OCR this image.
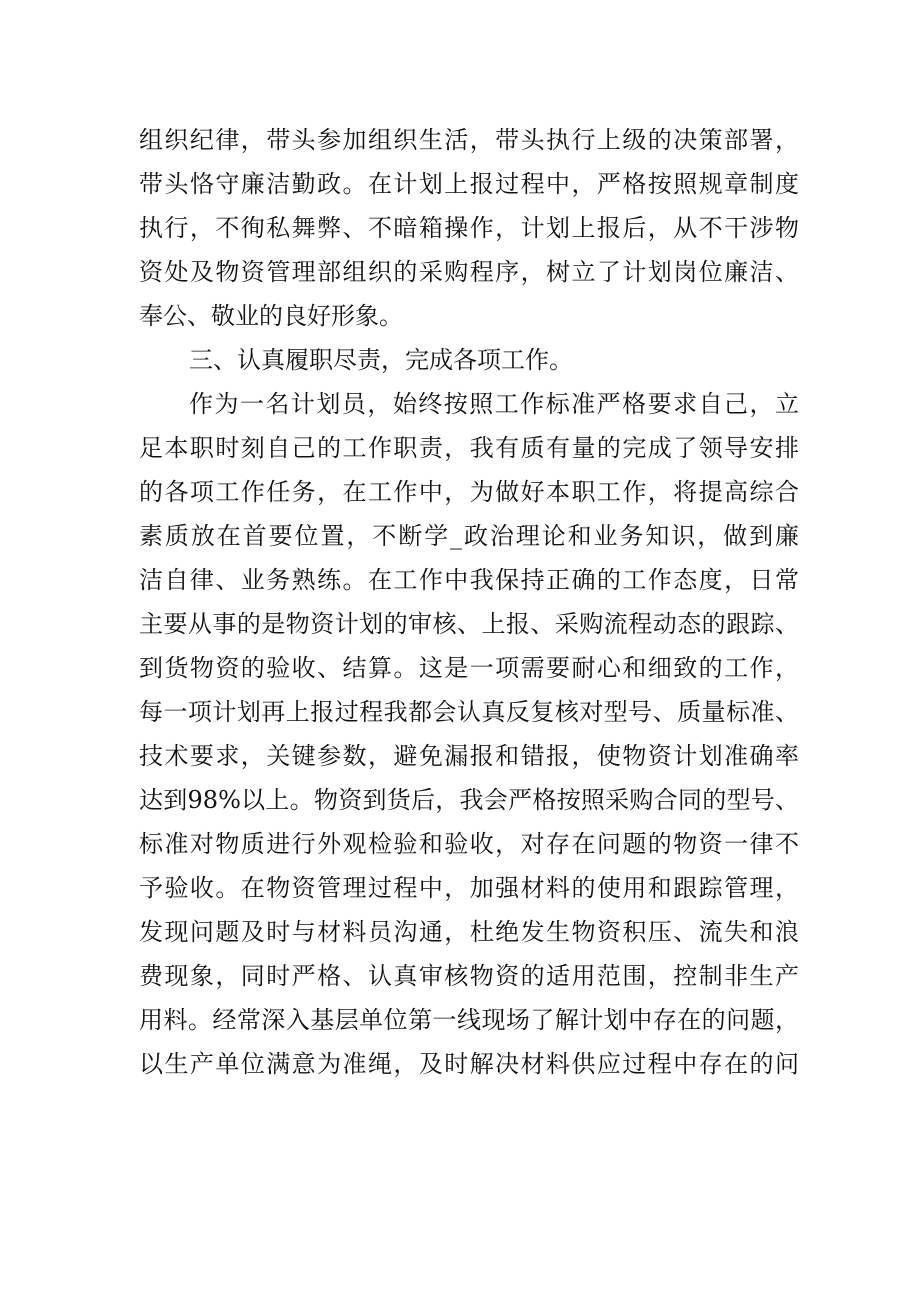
组织纪律，带头参加组织生活，带头执行上级的决策部署，
带头恪守廉洁勤政。在计划上报过程中，严格按照规章制度
执行，不徇私舞弊、不暗箱操作，计划上报后，从不干涉物
资处及物资管理部组织的采购程序，树立了计划岗位廉洁、
奉公、敬业的良好形象。
三、认真履职尽责，完成各项工作。
作为一名计划员，始终按照工作标准严格要求自己，立
足本职时刻自己的工作职责，我有质有量的完成了领导安排
的各项工作任务，在工作中，为做好本职工作，将提高综合
素质放在首要位置，不断学_政治理论和业务知识，做到廉
洁自律、业务熟练。在工作中我保持正确的工作态度，日常
主要从事的是物资计划的审核、上报、采购流程动态的跟踪、
到货物资的验收、结算。这是一项需要耐心和细致的工作，
每一项计划再上报过程我都会认真反复核对型号、质量标准、
技术要求，关键参数，避免漏报和错报，使物资计划准确率
达到98%以上。物资到货后，我会严格按照采购合同的型号、
标准对物质进行外观检验和验收，对存在问题的物资一律不
予验收。在物资管理过程中，加强材料的使用和跟踪管理，
发现问题及时与材料员沟通，杜绝发生物资积压、流失和浪
费现象，同时严格、认真审核物资的适用范围，控制非生产
用料。经常深入基层单位第一线现场了解计划中存在的问题，
以生产单位满意为准绳，及时解决材料供应过程中存在的问
